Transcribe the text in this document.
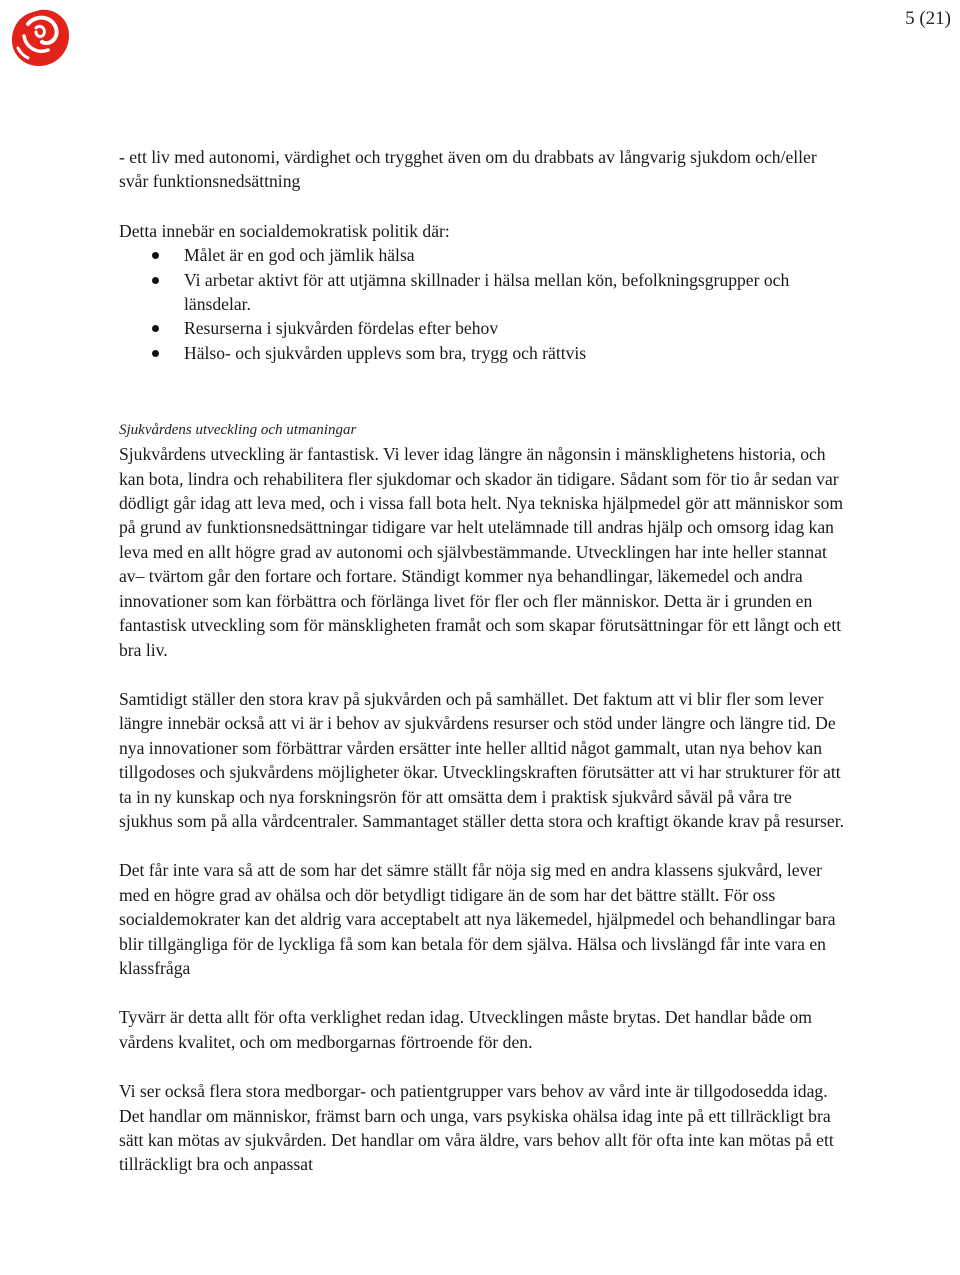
5 (21)

- ett liv med autonomi, värdighet och trygghet även om du drabbats av långvarig sjukdom och/eller svår funktionsnedsättning

Detta innebär en socialdemokratisk politik där:

Målet är en god och jämlik hälsa
Vi arbetar aktivt för att utjämna skillnader i hälsa mellan kön, befolkningsgrupper och länsdelar.
Resurserna i sjukvården fördelas efter behov
Hälso- och sjukvården upplevs som bra, trygg och rättvis

Sjukvårdens utveckling och utmaningar

Sjukvårdens utveckling är fantastisk. Vi lever idag längre än någonsin i mänsklighetens historia, och kan bota, lindra och rehabilitera fler sjukdomar och skador än tidigare. Sådant som för tio år sedan var dödligt går idag att leva med, och i vissa fall bota helt. Nya tekniska hjälpmedel gör att människor som på grund av funktionsnedsättningar tidigare var helt utelämnade till andras hjälp och omsorg idag kan leva med en allt högre grad av autonomi och självbestämmande. Utvecklingen har inte heller stannat av– tvärtom går den fortare och fortare. Ständigt kommer nya behandlingar, läkemedel och andra innovationer som kan förbättra och förlänga livet för fler och fler människor. Detta är i grunden en fantastisk utveckling som för mänskligheten framåt och som skapar förutsättningar för ett långt och ett bra liv.

Samtidigt ställer den stora krav på sjukvården och på samhället. Det faktum att vi blir fler som lever längre innebär också att vi är i behov av sjukvårdens resurser och stöd under längre och längre tid. De nya innovationer som förbättrar vården ersätter inte heller alltid något gammalt, utan nya behov kan tillgodoses och sjukvårdens möjligheter ökar. Utvecklingskraften förutsätter att vi har strukturer för att ta in ny kunskap och nya forskningsrön för att omsätta dem i praktisk sjukvård såväl på våra tre sjukhus som på alla vårdcentraler. Sammantaget ställer detta stora och kraftigt ökande krav på resurser.

Det får inte vara så att de som har det sämre ställt får nöja sig med en andra klassens sjukvård, lever med en högre grad av ohälsa och dör betydligt tidigare än de som har det bättre ställt. För oss socialdemokrater kan det aldrig vara acceptabelt att nya läkemedel, hjälpmedel och behandlingar bara blir tillgängliga för de lyckliga få som kan betala för dem själva. Hälsa och livslängd får inte vara en klassfråga

Tyvärr är detta allt för ofta verklighet redan idag. Utvecklingen måste brytas. Det handlar både om vårdens kvalitet, och om medborgarnas förtroende för den.

Vi ser också flera stora medborgar- och patientgrupper vars behov av vård inte är tillgodosedda idag. Det handlar om människor, främst barn och unga, vars psykiska ohälsa idag inte på ett tillräckligt bra sätt kan mötas av sjukvården. Det handlar om våra äldre, vars behov allt för ofta inte kan mötas på ett tillräckligt bra och anpassat
